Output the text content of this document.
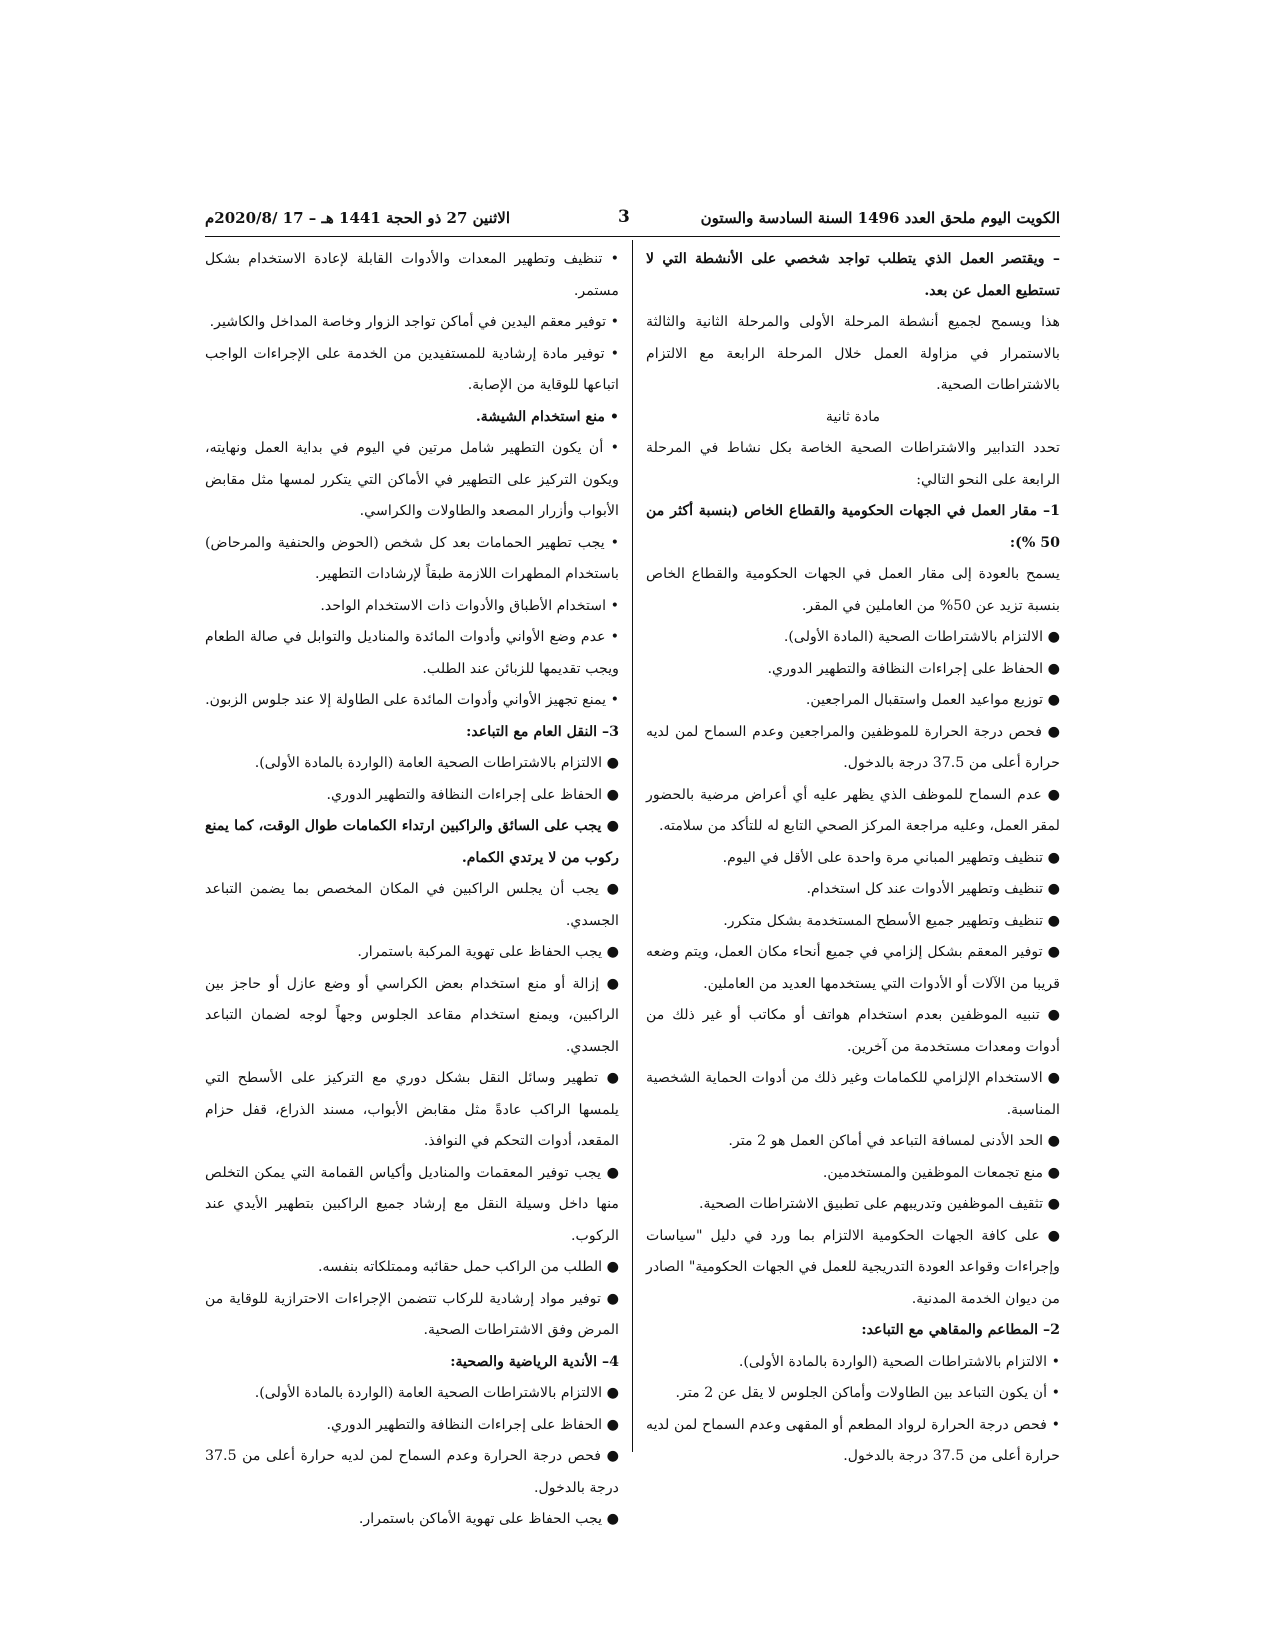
الكويت اليوم ملحق العدد 1496 السنة السادسة والستون
3
الاثنين 27 ذو الحجة 1441 هـ – 17 /2020/8م

– ويقتصر العمل الذي يتطلب تواجد شخصي على الأنشطة التي لا تستطيع العمل عن بعد.

هذا ويسمح لجميع أنشطة المرحلة الأولى والمرحلة الثانية والثالثة بالاستمرار في مزاولة العمل خلال المرحلة الرابعة مع الالتزام بالاشتراطات الصحية.

مادة ثانية

تحدد التدابير والاشتراطات الصحية الخاصة بكل نشاط في المرحلة الرابعة على النحو التالي:

1– مقار العمل في الجهات الحكومية والقطاع الخاص (بنسبة أكثر من 50 %):

يسمح بالعودة إلى مقار العمل في الجهات الحكومية والقطاع الخاص بنسبة تزيد عن 50% من العاملين في المقر.

● الالتزام بالاشتراطات الصحية (المادة الأولى).

● الحفاظ على إجراءات النظافة والتطهير الدوري.

● توزيع مواعيد العمل واستقبال المراجعين.

● فحص درجة الحرارة للموظفين والمراجعين وعدم السماح لمن لديه حرارة أعلى من 37.5 درجة بالدخول.

● عدم السماح للموظف الذي يظهر عليه أي أعراض مرضية بالحضور لمقر العمل، وعليه مراجعة المركز الصحي التابع له للتأكد من سلامته.

● تنظيف وتطهير المباني مرة واحدة على الأقل في اليوم.

● تنظيف وتطهير الأدوات عند كل استخدام.

● تنظيف وتطهير جميع الأسطح المستخدمة بشكل متكرر.

● توفير المعقم بشكل إلزامي في جميع أنحاء مكان العمل، ويتم وضعه قريبا من الآلات أو الأدوات التي يستخدمها العديد من العاملين.

● تنبيه الموظفين بعدم استخدام هواتف أو مكاتب أو غير ذلك من أدوات ومعدات مستخدمة من آخرين.

● الاستخدام الإلزامي للكمامات وغير ذلك من أدوات الحماية الشخصية المناسبة.

● الحد الأدنى لمسافة التباعد في أماكن العمل هو 2 متر.

● منع تجمعات الموظفين والمستخدمين.

● تثقيف الموظفين وتدريبهم على تطبيق الاشتراطات الصحية.

● على كافة الجهات الحكومية الالتزام بما ورد في دليل "سياسات وإجراءات وقواعد العودة التدريجية للعمل في الجهات الحكومية" الصادر من ديوان الخدمة المدنية.

2– المطاعم والمقاهي مع التباعد:

• الالتزام بالاشتراطات الصحية (الواردة بالمادة الأولى).

• أن يكون التباعد بين الطاولات وأماكن الجلوس لا يقل عن 2 متر.

• فحص درجة الحرارة لرواد المطعم أو المقهى وعدم السماح لمن لديه حرارة أعلى من 37.5 درجة بالدخول.

• تنظيف وتطهير المعدات والأدوات القابلة لإعادة الاستخدام بشكل مستمر.

• توفير معقم اليدين في أماكن تواجد الزوار وخاصة المداخل والكاشير.

• توفير مادة إرشادية للمستفيدين من الخدمة على الإجراءات الواجب اتباعها للوقاية من الإصابة.

• منع استخدام الشيشة.

• أن يكون التطهير شامل مرتين في اليوم في بداية العمل ونهايته، ويكون التركيز على التطهير في الأماكن التي يتكرر لمسها مثل مقابض الأبواب وأزرار المصعد والطاولات والكراسي.

• يجب تطهير الحمامات بعد كل شخص (الحوض والحنفية والمرحاض) باستخدام المطهرات اللازمة طبقاً لإرشادات التطهير.

• استخدام الأطباق والأدوات ذات الاستخدام الواحد.

• عدم وضع الأواني وأدوات المائدة والمناديل والتوابل في صالة الطعام ويجب تقديمها للزبائن عند الطلب.

• يمنع تجهيز الأواني وأدوات المائدة على الطاولة إلا عند جلوس الزبون.

3– النقل العام مع التباعد:

● الالتزام بالاشتراطات الصحية العامة (الواردة بالمادة الأولى).

● الحفاظ على إجراءات النظافة والتطهير الدوري.

● يجب على السائق والراكبين ارتداء الكمامات طوال الوقت، كما يمنع ركوب من لا يرتدي الكمام.

● يجب أن يجلس الراكبين في المكان المخصص بما يضمن التباعد الجسدي.

● يجب الحفاظ على تهوية المركبة باستمرار.

● إزالة أو منع استخدام بعض الكراسي أو وضع عازل أو حاجز بين الراكبين، ويمنع استخدام مقاعد الجلوس وجهاً لوجه لضمان التباعد الجسدي.

● تطهير وسائل النقل بشكل دوري مع التركيز على الأسطح التي يلمسها الراكب عادةً مثل مقابض الأبواب، مسند الذراع، قفل حزام المقعد، أدوات التحكم في النوافذ.

● يجب توفير المعقمات والمناديل وأكياس القمامة التي يمكن التخلص منها داخل وسيلة النقل مع إرشاد جميع الراكبين بتطهير الأيدي عند الركوب.

● الطلب من الراكب حمل حقائبه وممتلكاته بنفسه.

● توفير مواد إرشادية للركاب تتضمن الإجراءات الاحترازية للوقاية من المرض وفق الاشتراطات الصحية.

4– الأندية الرياضية والصحية:

● الالتزام بالاشتراطات الصحية العامة (الواردة بالمادة الأولى).

● الحفاظ على إجراءات النظافة والتطهير الدوري.

● فحص درجة الحرارة وعدم السماح لمن لديه حرارة أعلى من 37.5 درجة بالدخول.

● يجب الحفاظ على تهوية الأماكن باستمرار.
